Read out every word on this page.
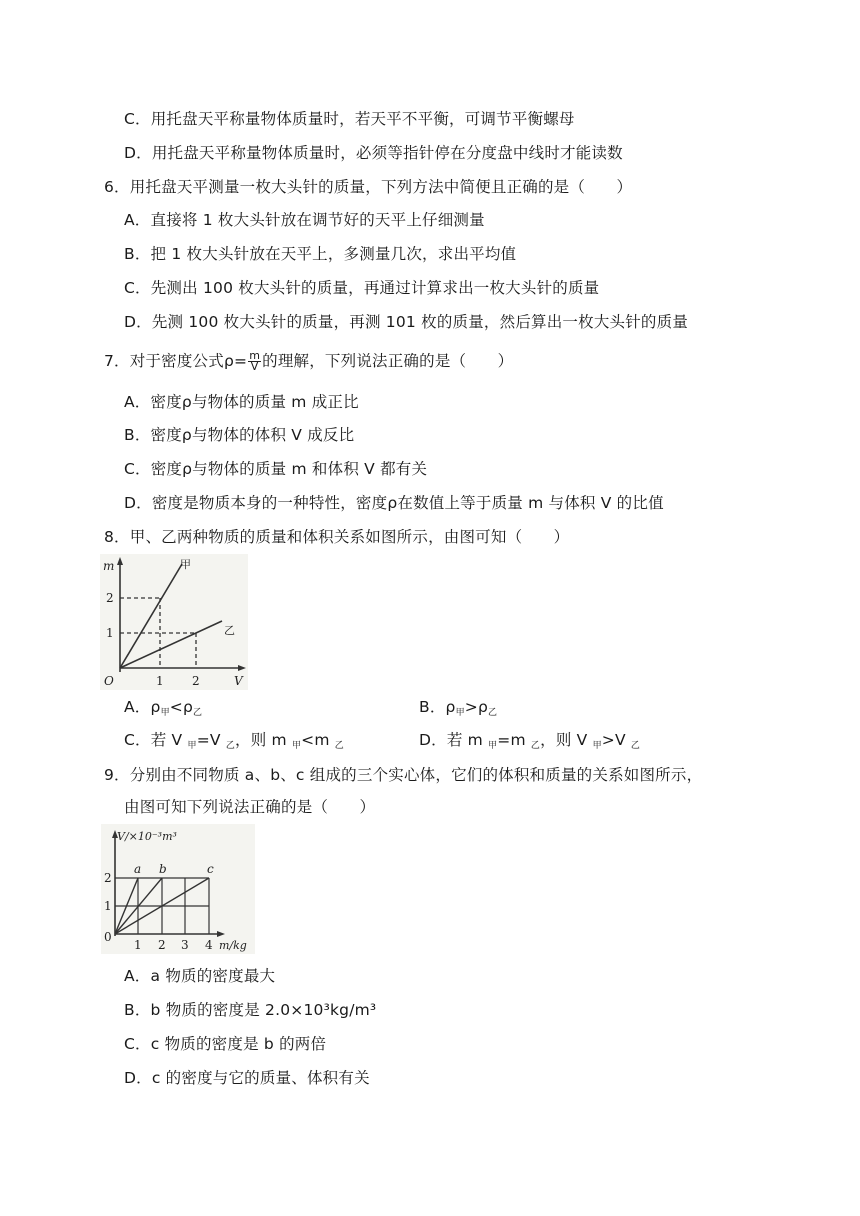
C．用托盘天平称量物体质量时，若天平不平衡，可调节平衡螺母
D．用托盘天平称量物体质量时，必须等指针停在分度盘中线时才能读数
6．用托盘天平测量一枚大头针的质量，下列方法中简便且正确的是（　　）
A．直接将 1 枚大头针放在调节好的天平上仔细测量
B．把 1 枚大头针放在天平上，多测量几次，求出平均值
C．先测出 100 枚大头针的质量，再通过计算求出一枚大头针的质量
D．先测 100 枚大头针的质量，再测 101 枚的质量，然后算出一枚大头针的质量
7．对于密度公式$\rho= \frac{m}{V}$ 的理解，下列说法正确的是（　　）
A．密度ρ与物体的质量 m 成正比
B．密度ρ与物体的体积 V 成反比
C．密度ρ与物体的质量 m 和体积 V 都有关
D．密度是物质本身的一种特性，密度ρ在数值上等于质量 m 与体积 V 的比值
8．甲、乙两种物质的质量和体积关系如图所示，由图可知（　　）
m
2
1
O	1 2	V
甲
乙
A．$\rho_甲<\rho_乙$	B．$\rho_甲>\rho_乙$
C．若 V $_甲$=V $_乙$，则 m $_甲$<m $_乙$	D．若 m $_甲$=m $_乙$，则 V $_甲$>V $_乙$
9．分别由不同物质 a、b、c 组成的三个实心体，它们的体积和质量的关系如图所示，
由图可知下列说法正确的是（　　）
V/×10⁻³m³
2
1
0
1 2 3 4 m/kg
a b	c
A．a 物质的密度最大
B．b 物质的密度是 2.0×10³kg/m³
C．c 物质的密度是 b 的两倍
D．c 的密度与它的质量、体积有关
